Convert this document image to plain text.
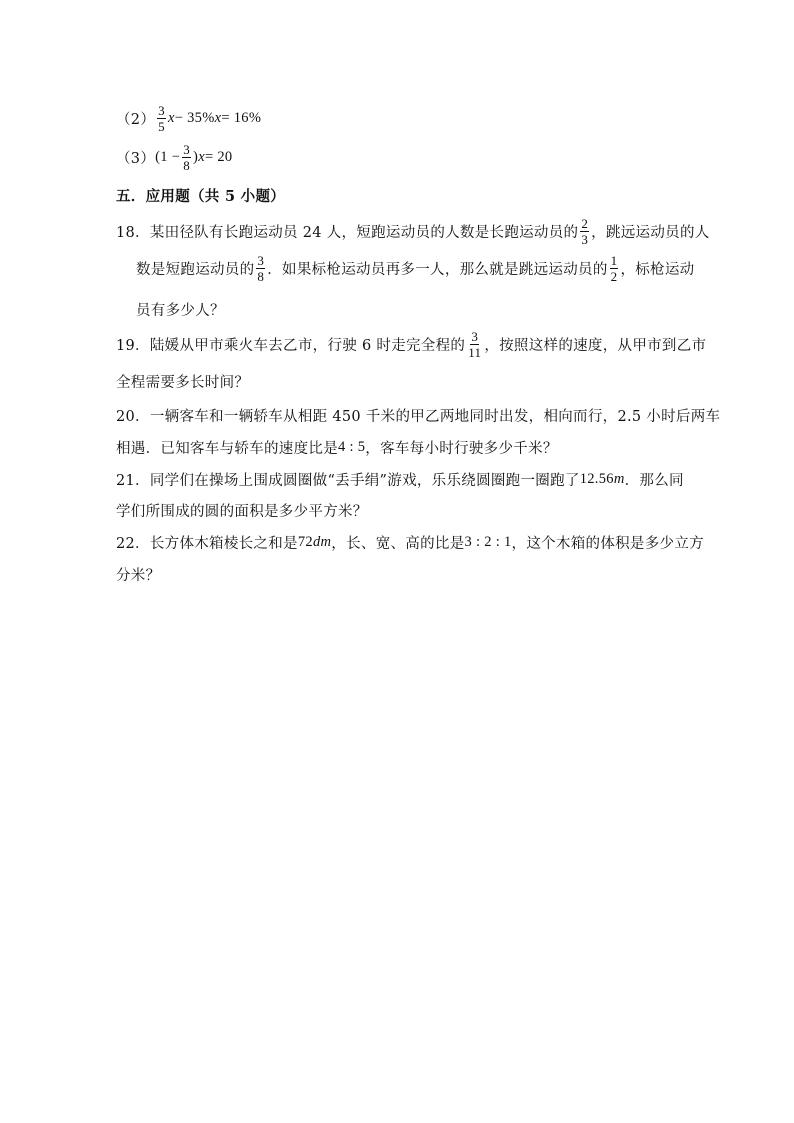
$(2) \frac{3}{5}$ x − 35% x = 16%
（3） ($1 - \frac{3}{8}$ ) x = 20
五．应用题（共 5 小题）
18．某田径队有长跑运动员 24 人，短跑运动员的人数是长跑运动员的 $\frac{2}{3}$ ，跳远运动员的人
数是短跑运动员的 $\frac{3}{8}$ ．如果标枪运动员再多一人，那么就是跳远运动员的 $\frac{1}{2}$ ，标枪运动
员有多少人？
19．陆媛从甲市乘火车去乙市，行驶 6 时走完全程的 $\frac{3}{11}$ ，按照这样的速度，从甲市到乙市
全程需要多长时间？
20．一辆客车和一辆轿车从相距 450 千米的甲乙两地同时出发，相向而行，2.5 小时后两车
相遇．已知客车与轿车的速度比是 4 : 5 ，客车每小时行驶多少千米？
21．同学们在操场上围成圆圈做“丢手绢”游戏，乐乐绕圆圈跑一圈跑了 12.56 m ．那么同
学们所围成的圆的面积是多少平方米？
22．长方体木箱棱长之和是 72 dm ，长、宽、高的比是 3 : 2 : 1 ，这个木箱的体积是多少立方
分米？
